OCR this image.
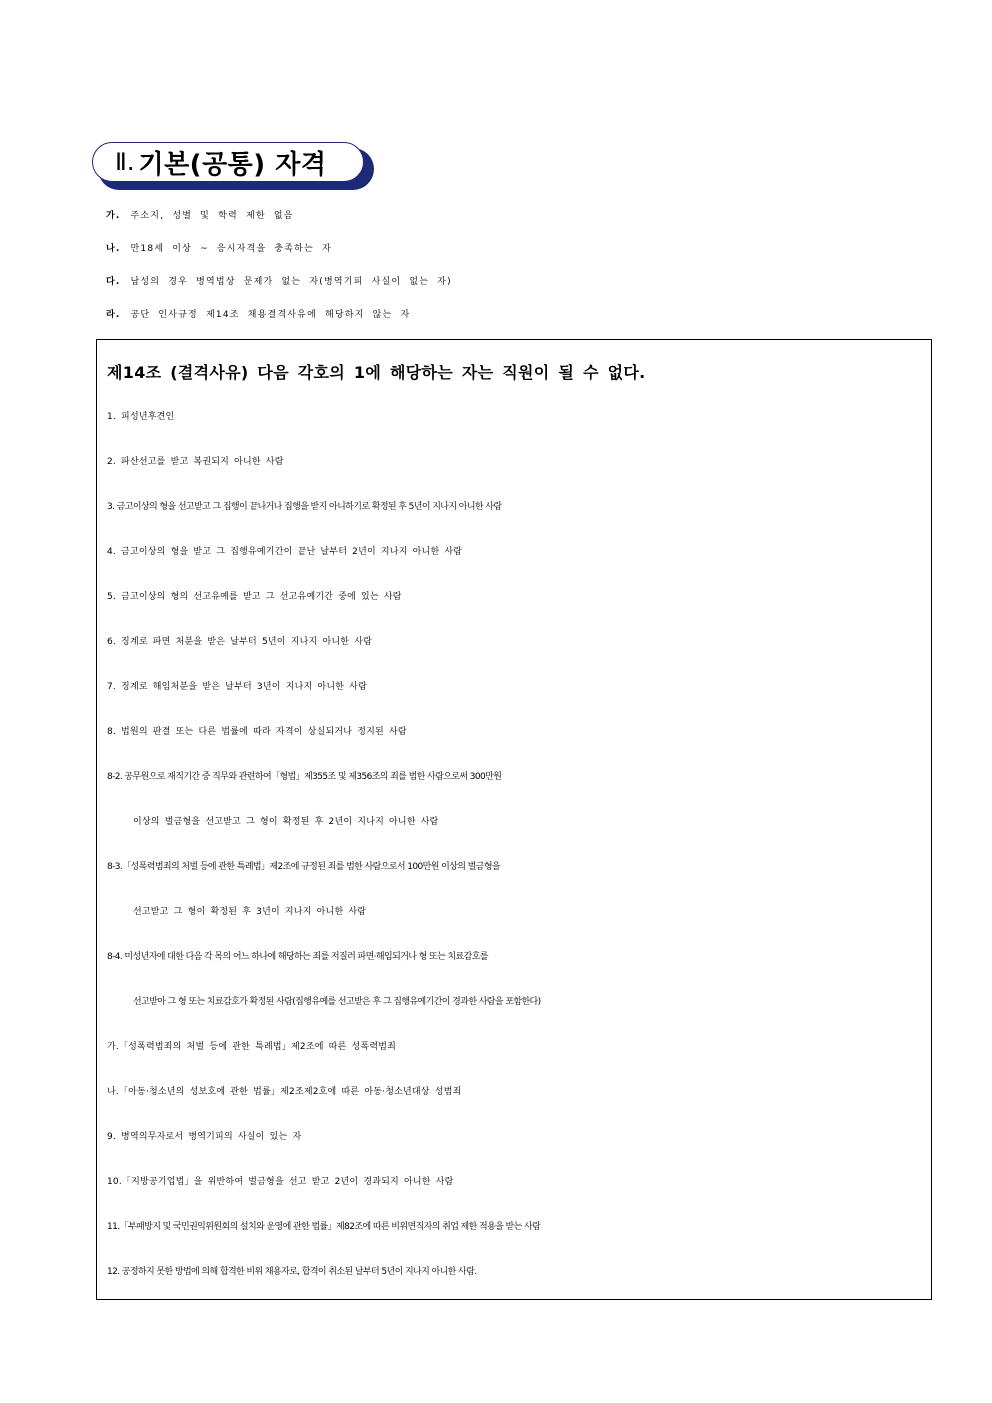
Ⅱ. 기본(공통) 자격
가. 주소지, 성별 및 학력 제한 없음
나. 만18세 이상 ~ 응시자격을 충족하는 자
다. 남성의 경우 병역법상 문제가 없는 자(병역기피 사실이 없는 자)
라. 공단 인사규정 제14조 채용결격사유에 해당하지 않는 자
제14조 (결격사유) 다음 각호의 1에 해당하는 자는 직원이 될 수 없다.
1. 피성년후견인
2. 파산선고를 받고 복권되지 아니한 사람
3. 금고이상의 형을 선고받고 그 집행이 끝나거나 집행을 받지 아니하기로 확정된 후 5년이 지나지 아니한 사람
4. 금고이상의 형을 받고 그 집행유예기간이 끝난 날부터 2년이 지나지 아니한 사람
5. 금고이상의 형의 선고유예를 받고 그 선고유예기간 중에 있는 사람
6. 징계로 파면 처분을 받은 날부터 5년이 지나지 아니한 사람
7. 징계로 해임처분을 받은 날부터 3년이 지나지 아니한 사람
8. 법원의 판결 또는 다른 법률에 따라 자격이 상실되거나 정지된 사람
8-2. 공무원으로 재직기간 중 직무와 관련하여「형법」제355조 및 제356조의 죄를 범한 사람으로써 300만원
이상의 벌금형을 선고받고 그 형이 확정된 후 2년이 지나지 아니한 사람
8-3.「성폭력범죄의 처벌 등에 관한 특례법」제2조에 규정된 죄를 범한 사람으로서 100만원 이상의 벌금형을
선고받고 그 형이 확정된 후 3년이 지나지 아니한 사람
8-4. 미성년자에 대한 다음 각 목의 어느 하나에 해당하는 죄를 저질러 파면·해임되거나 형 또는 치료감호를
선고받아 그 형 또는 치료감호가 확정된 사람(집행유예를 선고받은 후 그 집행유예기간이 경과한 사람을 포함한다)
가.「성폭력범죄의 처벌 등에 관한 특례법」제2조에 따른 성폭력범죄
나.「아동·청소년의 성보호에 관한 법률」제2조제2호에 따른 아동·청소년대상 성범죄
9. 병역의무자로서 병역기피의 사실이 있는 자
10.「지방공기업법」을 위반하여 벌금형을 선고 받고 2년이 경과되지 아니한 사람
11.「부패방지 및 국민권익위원회의 설치와 운영에 관한 법률」제82조에 따른 비위면직자의 취업 제한 적용을 받는 사람
12. 공정하지 못한 방법에 의해 합격한 비위 채용자로, 합격이 취소된 날부터 5년이 지나지 아니한 사람.
